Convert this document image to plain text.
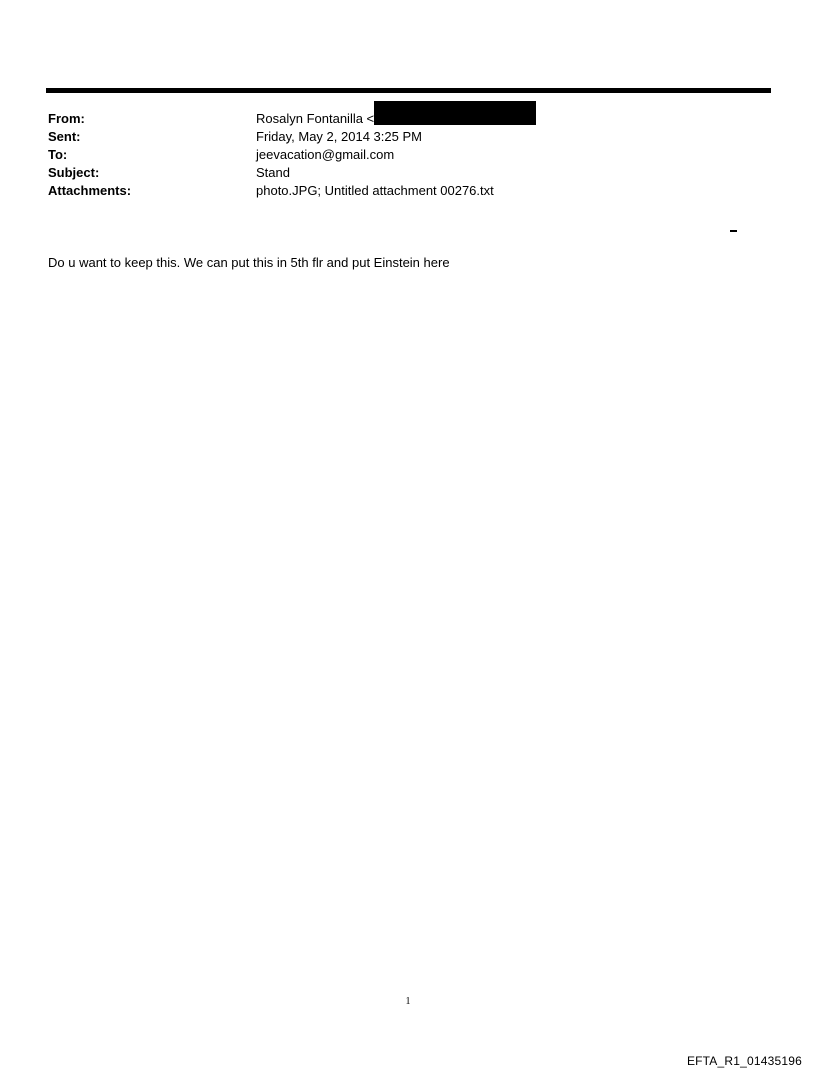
From:	Rosalyn Fontanilla <
Sent:	Friday, May 2, 2014 3:25 PM
To:	jeevacation@gmail.com
Subject:	Stand
Attachments:	photo.JPG; Untitled attachment 00276.txt
Do u want to keep this. We can put this in 5th flr and put Einstein here
1
EFTA_R1_01435196
